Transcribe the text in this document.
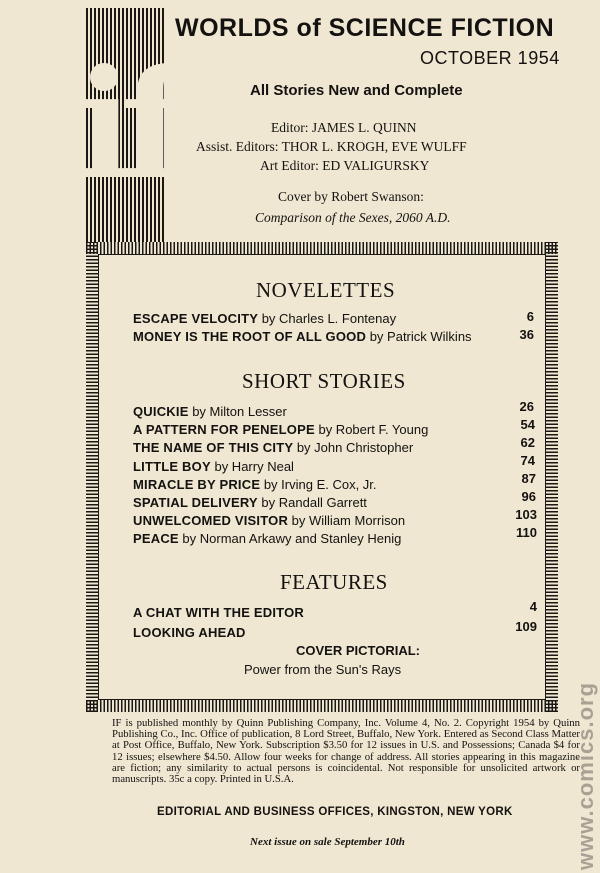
if
WORLDS of SCIENCE FICTION
OCTOBER 1954
All Stories New and Complete
Editor: JAMES L. QUINN
Assist. Editors: THOR L. KROGH, EVE WULFF
Art Editor: ED VALIGURSKY
Cover by Robert Swanson:
Comparison of the Sexes, 2060 A.D.
NOVELETTES
ESCAPE VELOCITY by Charles L. Fontenay	6
MONEY IS THE ROOT OF ALL GOOD by Patrick Wilkins	36
SHORT STORIES
QUICKIE by Milton Lesser	26
A PATTERN FOR PENELOPE by Robert F. Young	54
THE NAME OF THIS CITY by John Christopher	62
LITTLE BOY by Harry Neal	74
MIRACLE BY PRICE by Irving E. Cox, Jr.	87
SPATIAL DELIVERY by Randall Garrett	96
UNWELCOMED VISITOR by William Morrison	103
PEACE by Norman Arkawy and Stanley Henig	110
FEATURES
A CHAT WITH THE EDITOR	4
LOOKING AHEAD	109
COVER PICTORIAL:
Power from the Sun's Rays
IF is published monthly by Quinn Publishing Company, Inc. Volume 4, No. 2. Copyright 1954 by Quinn Publishing Co., Inc. Office of publication, 8 Lord Street, Buffalo, New York. Entered as Second Class Matter at Post Office, Buffalo, New York. Subscription $3.50 for 12 issues in U.S. and Possessions; Canada $4 for 12 issues; elsewhere $4.50. Allow four weeks for change of address. All stories appearing in this magazine are fiction; any similarity to actual persons is coincidental. Not responsible for unsolicited artwork or manuscripts. 35c a copy. Printed in U.S.A.
EDITORIAL AND BUSINESS OFFICES, KINGSTON, NEW YORK
Next issue on sale September 10th	www.comics.org
